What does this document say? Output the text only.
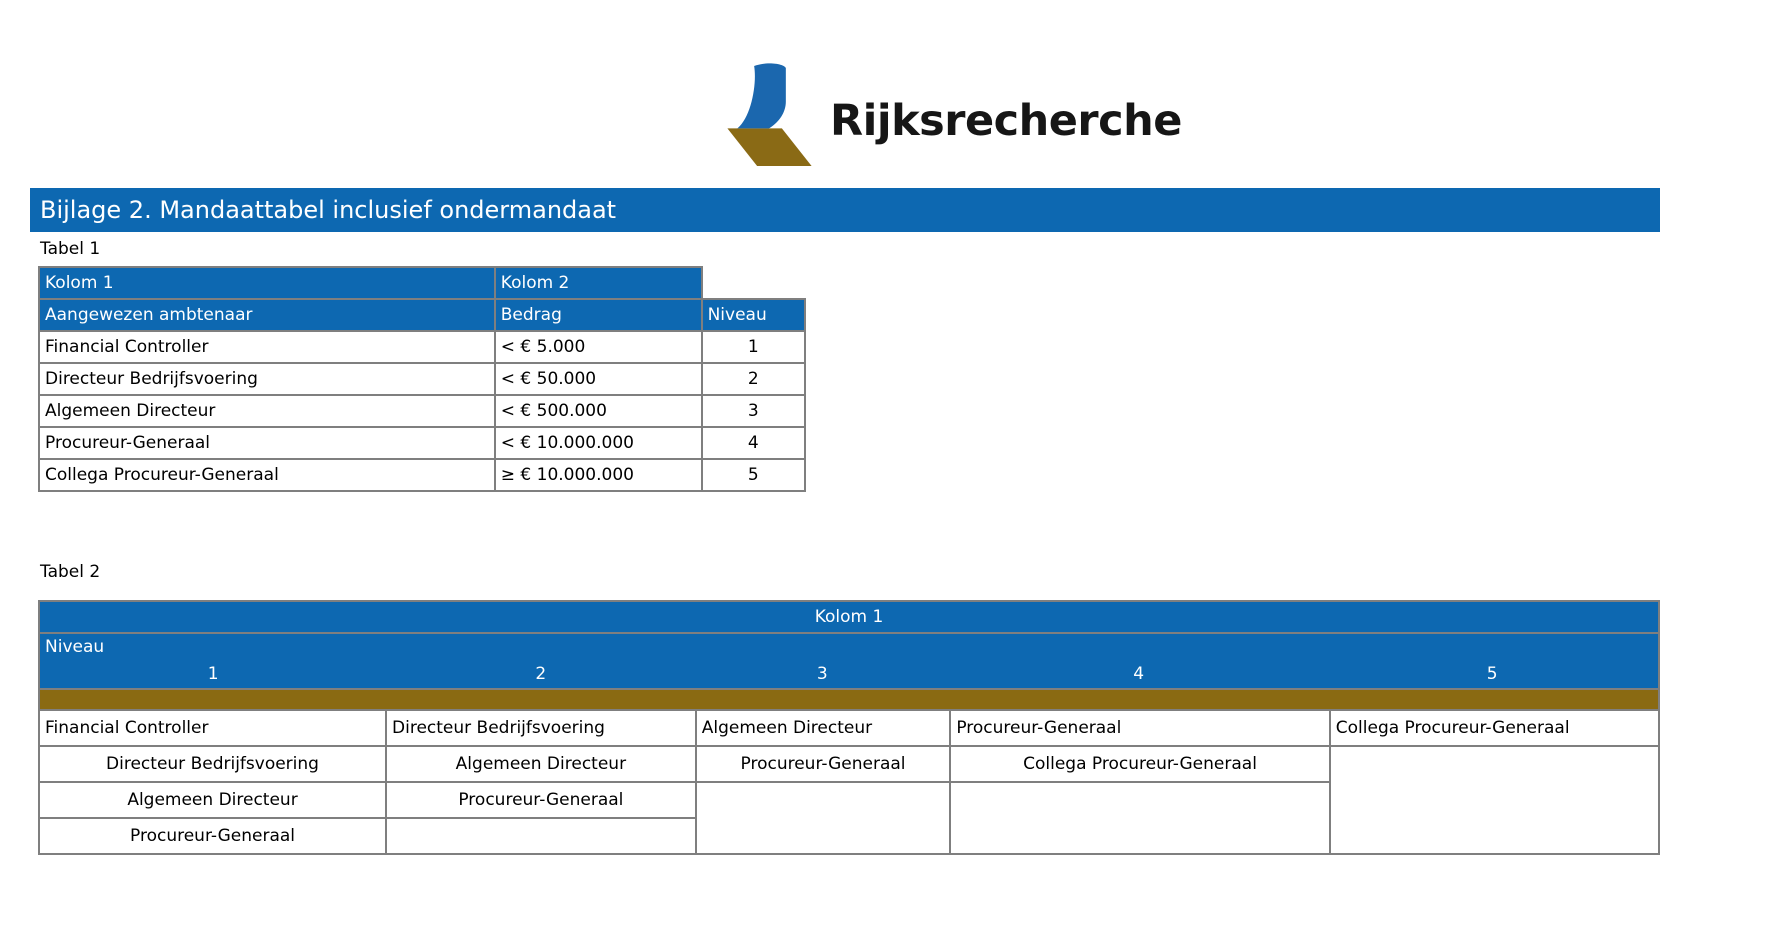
Rijksrecherche
Bijlage 2. Mandaattabel inclusief ondermandaat
Tabel 1
Kolom 1	Kolom 2	
Aangewezen ambtenaar	Bedrag	Niveau
Financial Controller	< € 5.000	1
Directeur Bedrijfsvoering	< € 50.000	2
Algemeen Directeur	< € 500.000	3
Procureur-Generaal	< € 10.000.000	4
Collega Procureur-Generaal	≥ € 10.000.000	5
Tabel 2
Kolom 1				

Niveau
1	2	3	4	5

Financial Controller	Directeur Bedrijfsvoering	Algemeen Directeur	Procureur-Generaal	Collega Procureur-Generaal
Directeur Bedrijfsvoering	Algemeen Directeur	Procureur-Generaal	Collega Procureur-Generaal	
Algemeen Directeur	Procureur-Generaal			
Procureur-Generaal				
